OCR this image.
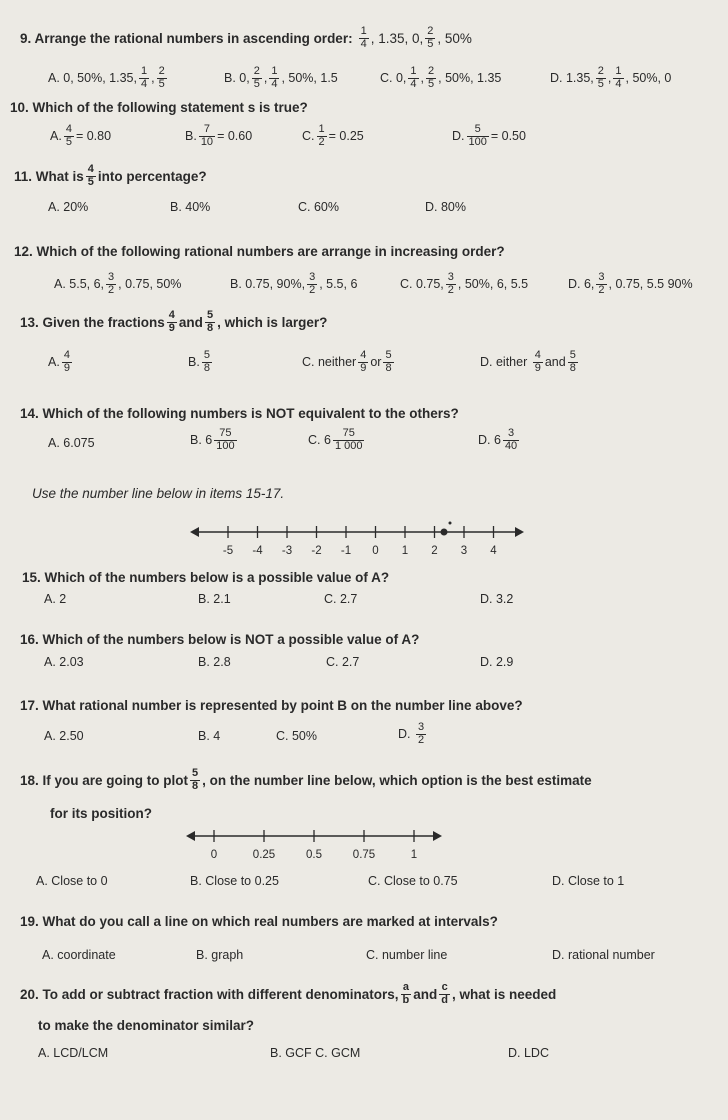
9. Arrange the rational numbers in ascending order: $\frac{1}{4}$ , 1.35, 0, $\frac{2}{5}$ , 50%
A. 0, 50%, 1.35, $\frac{1}{4}$ , $\frac{2}{5}$	B. 0, $\frac{2}{5}$ , $\frac{1}{4}$ , 50%, 1.5	C. 0, $\frac{1}{4}$ , $\frac{2}{5}$ , 50%, 1.35	D. 1.35, $\frac{2}{5}$ , $\frac{1}{4}$ , 50%, 0
10. Which of the following statement s is true?
A. $\frac{4}{5} = 0.80$	B. $\frac{7}{10} = 0.60$	C. $\frac{1}{2} = 0.25$	D. $\frac{5}{100} = 0.50$
11. What is $\frac{4}{5}$ into percentage?
A. 20%	B. 40%	C. 60%	D. 80%
12. Which of the following rational numbers are arrange in increasing order?
A. 5.5, 6, $\frac{3}{2}$ , 0.75, 50%	B. 0.75, 90%, $\frac{3}{2}$ , 5.5, 6	C. 0.75, $\frac{3}{2}$ , 50%, 6, 5.5	D. 6, $\frac{3}{2}$ , 0.75, 5.5 90%
13. Given the fractions $\frac{4}{9}$ and $\frac{5}{8}$ , which is larger?
A. $\frac{4}{9}$	B. $\frac{5}{8}$	C. neither $\frac{4}{9}$ or $\frac{5}{8}$	D. either
$\frac{4}{9}$ and $\frac{5}{8}$
14. Which of the following numbers is NOT equivalent to the others?
A. 6.075	B.
$6 \frac{75}{100}$	C.
$6 \frac{75}{1 000}$	D.
$6 \frac{3}{40}$
Use the number line below in items 15-17.
-5 -4 -3 -2 -1 0 1 2 3 4
15. Which of the numbers below is a possible value of A?
A. 2	B. 2.1	C. 2.7	D. 3.2
16. Which of the numbers below is NOT a possible value of A?
A. 2.03	B. 2.8	C. 2.7	D. 2.9
17. What rational number is represented by point B on the number line above?
A. 2.50	B. 4	C. 50%	D.
$\frac{3}{2}$
18. If you are going to plot $\frac{5}{8}$ , on the number line below, which option is the best estimate
for its position?
0	0.25	0.5	0.75	1
A. Close to 0	B. Close to 0.25	C. Close to 0.75	D. Close to 1
19. What do you call a line on which real numbers are marked at intervals?
A. coordinate	B. graph	C. number line	D. rational number
20. To add or subtract fraction with different denominators, $\frac{a}{b}$ and $\frac{c}{d}$ , what is needed
to make the denominator similar?
A. LCD/LCM	B. GCF C. GCM	D. LDC
